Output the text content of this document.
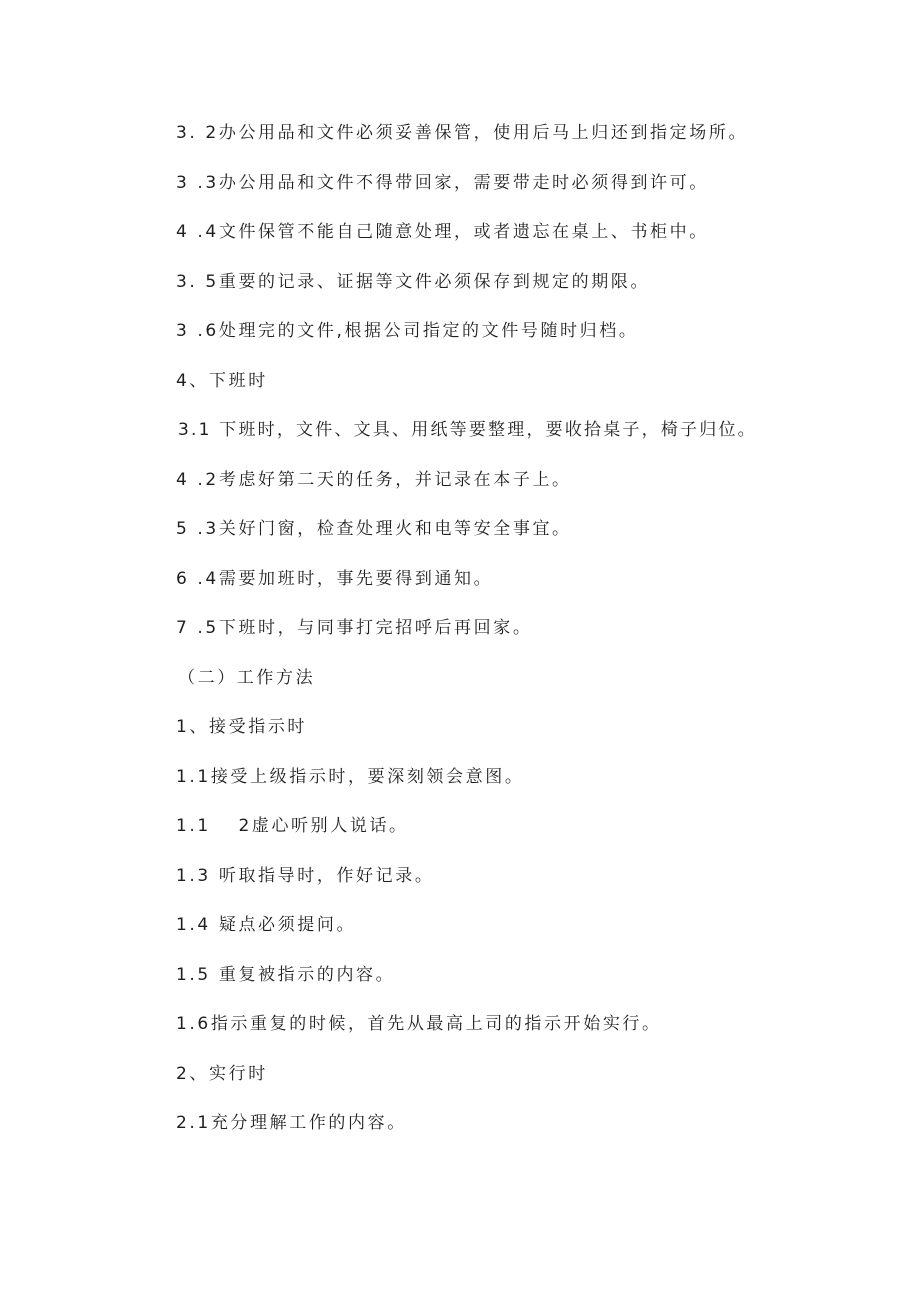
3. 2办公用品和文件必须妥善保管，使用后马上归还到指定场所。
3 .3办公用品和文件不得带回家，需要带走时必须得到许可。
4 .4文件保管不能自己随意处理，或者遗忘在桌上、书柜中。
3. 5重要的记录、证据等文件必须保存到规定的期限。
3 .6处理完的文件,根据公司指定的文件号随时归档。
4、下班时
3.1 下班时，文件、文具、用纸等要整理，要收拾桌子，椅子归位。
4 .2考虑好第二天的任务，并记录在本子上。
5 .3关好门窗，检查处理火和电等安全事宜。
6 .4需要加班时，事先要得到通知。
7 .5下班时，与同事打完招呼后再回家。
（二）工作方法
1、接受指示时
1.1接受上级指示时，要深刻领会意图。
1.1　 2虚心听别人说话。
1.3 听取指导时，作好记录。
1.4 疑点必须提问。
1.5 重复被指示的内容。
1.6指示重复的时候，首先从最高上司的指示开始实行。
2、实行时
2.1充分理解工作的内容。
